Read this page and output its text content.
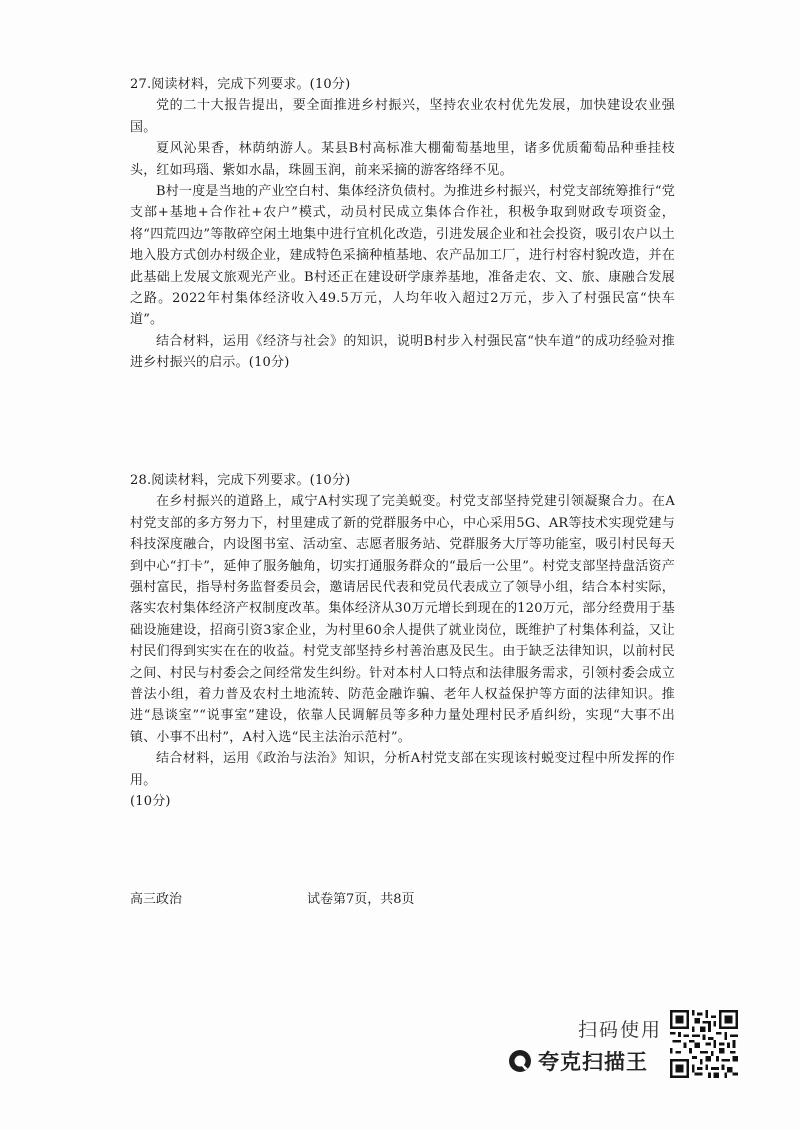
27.阅读材料，完成下列要求。(10分)

党的二十大报告提出，要全面推进乡村振兴，坚持农业农村优先发展，加快建设农业强国。

夏风沁果香，林荫纳游人。某县B村高标准大棚葡萄基地里，诸多优质葡萄品种垂挂枝头，红如玛瑙、紫如水晶，珠圆玉润，前来采摘的游客络绎不见。

B村一度是当地的产业空白村、集体经济负债村。为推进乡村振兴，村党支部统筹推行“党支部+基地+合作社+农户”模式，动员村民成立集体合作社，积极争取到财政专项资金，将“四荒四边”等散碎空闲土地集中进行宜机化改造，引进发展企业和社会投资，吸引农户以土地入股方式创办村级企业，建成特色采摘种植基地、农产品加工厂，进行村容村貌改造，并在此基础上发展文旅观光产业。B村还正在建设研学康养基地，准备走农、文、旅、康融合发展之路。2022年村集体经济收入49.5万元，人均年收入超过2万元，步入了村强民富“快车道”。

结合材料，运用《经济与社会》的知识，说明B村步入村强民富“快车道”的成功经验对推进乡村振兴的启示。(10分)

28.阅读材料，完成下列要求。(10分)

在乡村振兴的道路上，咸宁A村实现了完美蜕变。村党支部坚持党建引领凝聚合力。在A村党支部的多方努力下，村里建成了新的党群服务中心，中心采用5G、AR等技术实现党建与科技深度融合，内设图书室、活动室、志愿者服务站、党群服务大厅等功能室，吸引村民每天到中心“打卡”，延伸了服务触角，切实打通服务群众的“最后一公里”。村党支部坚持盘活资产强村富民，指导村务监督委员会，邀请居民代表和党员代表成立了领导小组，结合本村实际，落实农村集体经济产权制度改革。集体经济从30万元增长到现在的120万元，部分经费用于基础设施建设，招商引资3家企业，为村里60余人提供了就业岗位，既维护了村集体利益，又让村民们得到实实在在的收益。村党支部坚持乡村善治惠及民生。由于缺乏法律知识，以前村民之间、村民与村委会之间经常发生纠纷。针对本村人口特点和法律服务需求，引领村委会成立普法小组，着力普及农村土地流转、防范金融诈骗、老年人权益保护等方面的法律知识。推进“恳谈室”“说事室”建设，依靠人民调解员等多种力量处理村民矛盾纠纷，实现“大事不出镇、小事不出村”，A村入选“民主法治示范村”。

结合材料，运用《政治与法治》知识，分析A村党支部在实现该村蜕变过程中所发挥的作用。

(10分)

高三政治	试卷第7页，共8页
扫码使用
夸克扫描王
